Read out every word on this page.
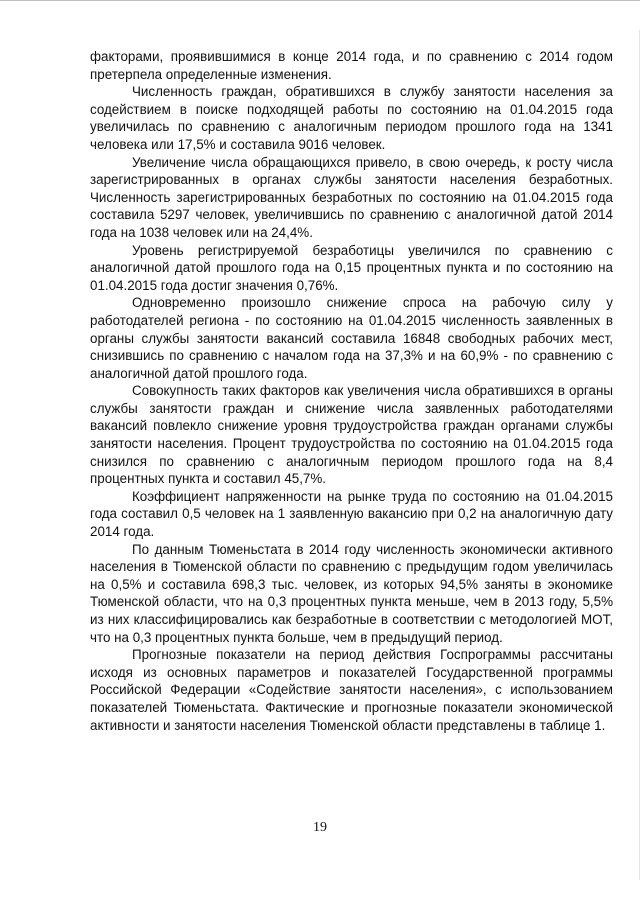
факторами, проявившимися в конце 2014 года, и по сравнению с 2014 годом претерпела определенные изменения.

Численность граждан, обратившихся в службу занятости населения за содействием в поиске подходящей работы по состоянию на 01.04.2015 года увеличилась по сравнению с аналогичным периодом прошлого года на 1341 человека или 17,5% и составила 9016 человек.

Увеличение числа обращающихся привело, в свою очередь, к росту числа зарегистрированных в органах службы занятости населения безработных. Численность зарегистрированных безработных по состоянию на 01.04.2015 года составила 5297 человек, увеличившись по сравнению с аналогичной датой 2014 года на 1038 человек или на 24,4%.

Уровень регистрируемой безработицы увеличился по сравнению с аналогичной датой прошлого года на 0,15 процентных пункта и по состоянию на 01.04.2015 года достиг значения 0,76%.

Одновременно произошло снижение спроса на рабочую силу у работодателей региона - по состоянию на 01.04.2015 численность заявленных в органы службы занятости вакансий составила 16848 свободных рабочих мест, снизившись по сравнению с началом года на 37,3% и на 60,9% - по сравнению с аналогичной датой прошлого года.

Совокупность таких факторов как увеличения числа обратившихся в органы службы занятости граждан и снижение числа заявленных работодателями вакансий повлекло снижение уровня трудоустройства граждан органами службы занятости населения. Процент трудоустройства по состоянию на 01.04.2015 года снизился по сравнению с аналогичным периодом прошлого года на 8,4 процентных пункта и составил 45,7%.

Коэффициент напряженности на рынке труда по состоянию на 01.04.2015 года составил 0,5 человек на 1 заявленную вакансию при 0,2 на аналогичную дату 2014 года.

По данным Тюменьстата в 2014 году численность экономически активного населения в Тюменской области по сравнению с предыдущим годом увеличилась на 0,5% и составила 698,3 тыс. человек, из которых 94,5% заняты в экономике Тюменской области, что на 0,3 процентных пункта меньше, чем в 2013 году, 5,5% из них классифицировались как безработные в соответствии с методологией МОТ, что на 0,3 процентных пункта больше, чем в предыдущий период.

Прогнозные показатели на период действия Госпрограммы рассчитаны исходя из основных параметров и показателей Государственной программы Российской Федерации «Содействие занятости населения», с использованием показателей Тюменьстата. Фактические и прогнозные показатели экономической активности и занятости населения Тюменской области представлены в таблице 1.

19
